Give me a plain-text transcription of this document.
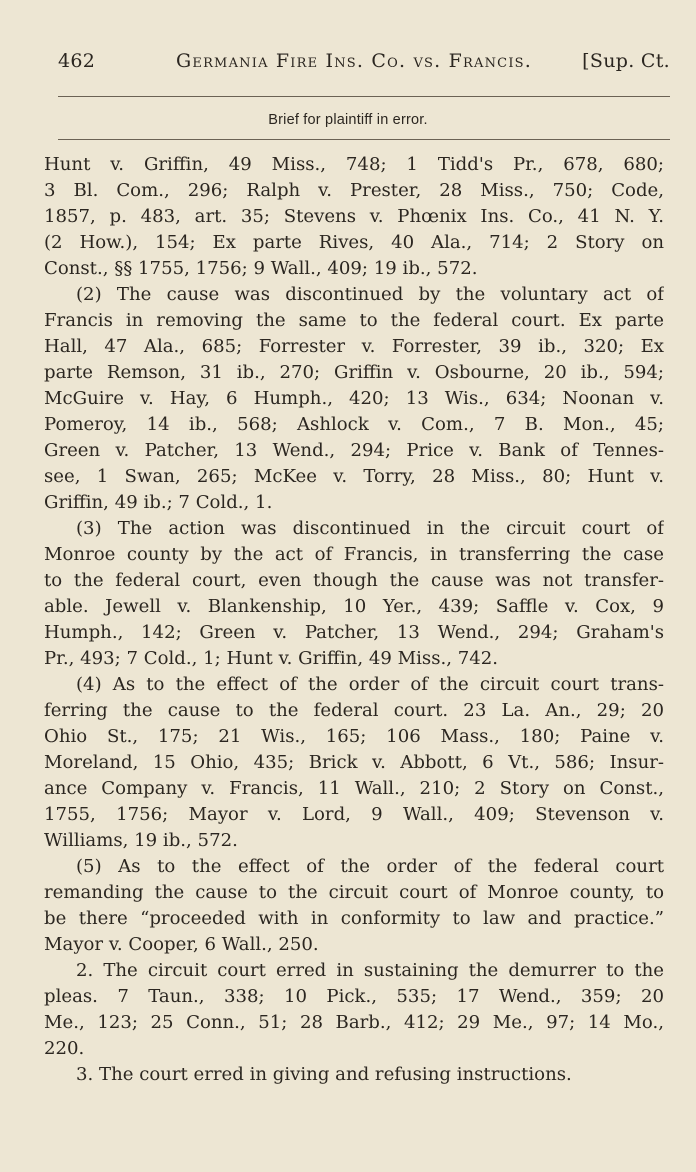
462	Germania Fire Ins. Co. vs. Francis.	[Sup. Ct.
Brief for plaintiff in error.
Hunt v. Griffin, 49 Miss., 748; 1 Tidd's Pr., 678, 680;
3 Bl. Com., 296; Ralph v. Prester, 28 Miss., 750; Code,
1857, p. 483, art. 35; Stevens v. Phœnix Ins. Co., 41 N. Y.
(2 How.), 154; Ex parte Rives, 40 Ala., 714; 2 Story on
Const., §§ 1755, 1756; 9 Wall., 409; 19 ib., 572.
(2) The cause was discontinued by the voluntary act of
Francis in removing the same to the federal court. Ex parte
Hall, 47 Ala., 685; Forrester v. Forrester, 39 ib., 320; Ex
parte Remson, 31 ib., 270; Griffin v. Osbourne, 20 ib., 594;
McGuire v. Hay, 6 Humph., 420; 13 Wis., 634; Noonan v.
Pomeroy, 14 ib., 568; Ashlock v. Com., 7 B. Mon., 45;
Green v. Patcher, 13 Wend., 294; Price v. Bank of Tennes-
see, 1 Swan, 265; McKee v. Torry, 28 Miss., 80; Hunt v.
Griffin, 49 ib.; 7 Cold., 1.
(3) The action was discontinued in the circuit court of
Monroe county by the act of Francis, in transferring the case
to the federal court, even though the cause was not transfer-
able. Jewell v. Blankenship, 10 Yer., 439; Saffle v. Cox, 9
Humph., 142; Green v. Patcher, 13 Wend., 294; Graham's
Pr., 493; 7 Cold., 1; Hunt v. Griffin, 49 Miss., 742.
(4) As to the effect of the order of the circuit court trans-
ferring the cause to the federal court. 23 La. An., 29; 20
Ohio St., 175; 21 Wis., 165; 106 Mass., 180; Paine v.
Moreland, 15 Ohio, 435; Brick v. Abbott, 6 Vt., 586; Insur-
ance Company v. Francis, 11 Wall., 210; 2 Story on Const.,
1755, 1756; Mayor v. Lord, 9 Wall., 409; Stevenson v.
Williams, 19 ib., 572.
(5) As to the effect of the order of the federal court
remanding the cause to the circuit court of Monroe county, to
be there “proceeded with in conformity to law and practice.”
Mayor v. Cooper, 6 Wall., 250.
2. The circuit court erred in sustaining the demurrer to the
pleas. 7 Taun., 338; 10 Pick., 535; 17 Wend., 359; 20
Me., 123; 25 Conn., 51; 28 Barb., 412; 29 Me., 97; 14 Mo.,
220.
3. The court erred in giving and refusing instructions.
